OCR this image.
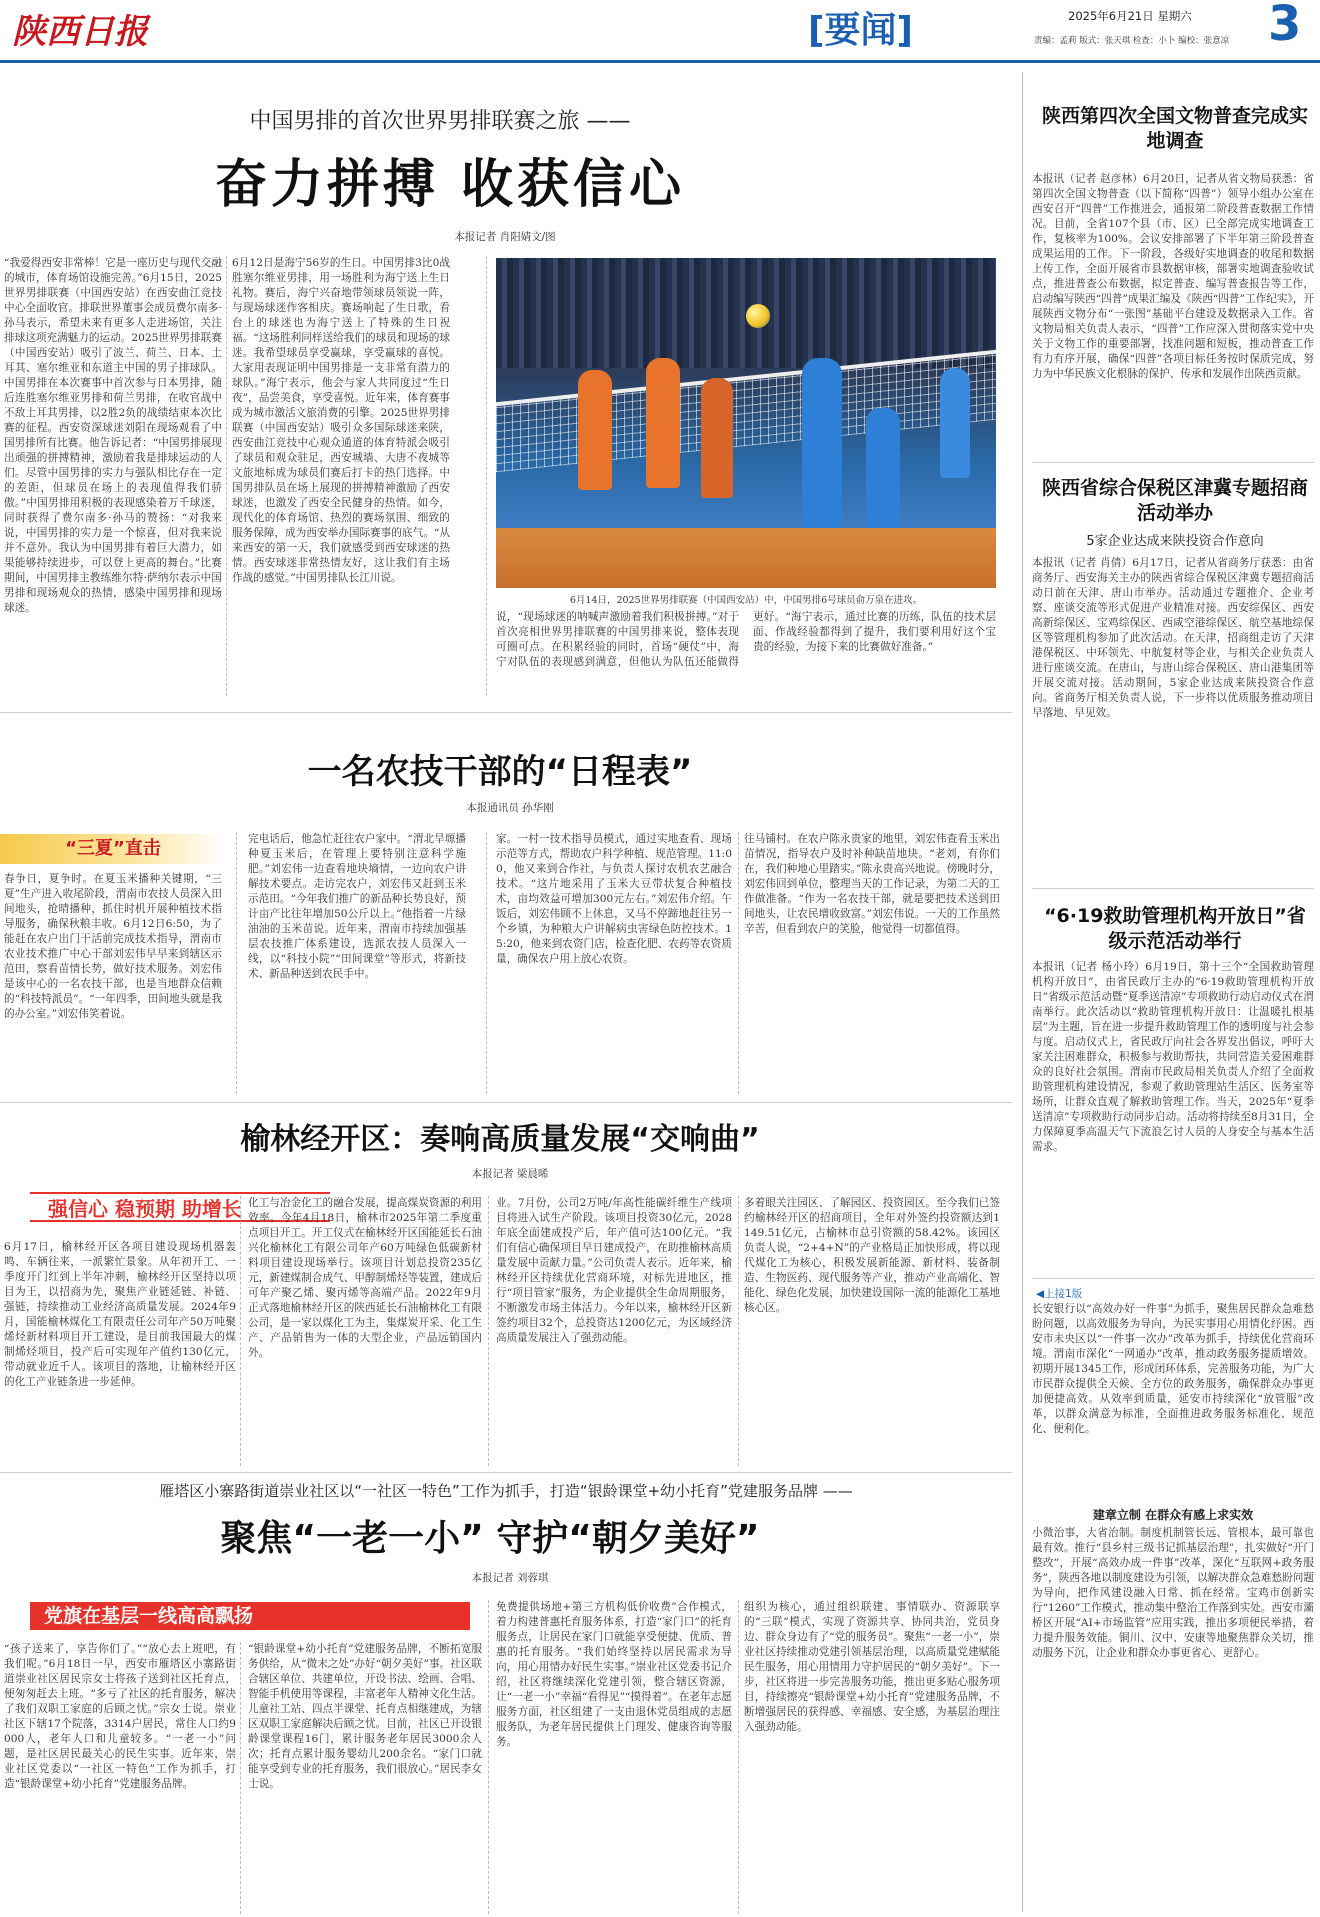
陕西日报	[要闻]	2025年6月21日 星期六
责编：孟莉 版式：张天琪 检查：小卜 编校：张意凉 3
中国男排的首次世界男排联赛之旅 ——
奋力拼搏 收获信心
本报记者 肖阳婧文/图
“我爱得西安非常棒！它是一座历史与现代交融的城市，体育场馆设施完善。”6月15日，2025世界男排联赛（中国西安站）在西安曲江竞技中心全面收官。排联世界董事会成员费尔南多·孙马表示，希望未来有更多人走进场馆，关注排球这项充满魅力的运动。2025世界男排联赛（中国西安站）吸引了波兰、荷兰、日本、土耳其、塞尔维亚和东道主中国的男子排球队。中国男排在本次赛事中首次参与日本男排，随后连胜塞尔维亚男排和荷兰男排，在收官战中不敌土耳其男排，以2胜2负的战绩结束本次比赛的征程。西安资深球迷刘阳在现场观看了中国男排所有比赛。他告诉记者：“中国男排展现出顽强的拼搏精神，激励着我是排球运动的人们。尽管中国男排的实力与强队相比存在一定的差距，但球员在场上的表现值得我们骄傲。”中国男排用积极的表现感染着万千球迷，同时获得了费尔南多·孙马的赞扬：“对我来说，中国男排的实力是一个惊喜，但对我来说并不意外。我认为中国男排有着巨大潜力，如果能够持续进步，可以登上更高的舞台。”比赛期间，中国男排主教练维尔特·萨纳尔表示中国男排和现场观众的热情，感染中国男排和现场球迷。
6月12日是海宁56岁的生日。中国男排3比0战胜塞尔维亚男排，用一场胜利为海宁送上生日礼物。赛后，海宁兴奋地带领球员领说一阵，与现场球迷作客相庆。赛场响起了生日歌，看台上的球迷也为海宁送上了特殊的生日祝福。“这场胜利同样送给我们的球员和现场的球迷。我希望球员享受赢球，享受赢球的喜悦。大家用表现证明中国男排是一支非常有潜力的球队。”海宁表示，他会与家人共同度过“生日夜”，品尝美食，享受喜悦。近年来，体育赛事成为城市激活文旅消费的引擎。2025世界男排联赛（中国西安站）吸引众多国际球迷来陕，西安曲江竞技中心观众通道的体育特派会吸引了球员和观众驻足，西安城墙、大唐不夜城等文旅地标成为球员们赛后打卡的热门选择。中国男排队员在场上展现的拼搏精神激励了西安球迷，也激发了西安全民健身的热情。如今，现代化的体育场馆、热烈的赛场氛围、细致的服务保障，成为西安举办国际赛事的底气。“从来西安的第一天，我们就感受到西安球迷的热情。西安球迷非常热情友好，这让我们有主场作战的感觉。”中国男排队长江川说。
6月14日，2025世界男排联赛（中国西安站）中，中国男排6号球员俞万泉在进攻。
说，“现场球迷的呐喊声激励着我们积极拼搏。”对于首次亮相世界男排联赛的中国男排来说，整体表现可圈可点。在积累经验的同时，首场“硬仗”中，海宁对队伍的表现感到满意，但他认为队伍还能做得更好。“海宁表示，通过比赛的历练，队伍的技术层面、作战经验都得到了提升，我们要利用好这个宝贵的经验，为接下来的比赛做好准备。”
陕西第四次全国文物普查完成实地调查
本报讯（记者 赵彦林）6月20日，记者从省文物局获悉：省第四次全国文物普查（以下简称“四普”）领导小组办公室在西安召开“四普”工作推进会，通报第二阶段普查数据工作情况。目前，全省107个县（市、区）已全部完成实地调查工作，复核率为100%。会议安排部署了下半年第三阶段普查成果运用的工作。下一阶段，各级好实地调查的收尾和数据上传工作，全面开展省市县数据审核，部署实地调查验收试点，推进普查公布数据，拟定普查、编写普查报告等工作，启动编写陕西“四普”成果汇编及《陕西“四普”工作纪实》，开展陕西文物分布“一张图”基础平台建设及数据录入工作。省文物局相关负责人表示，“四普”工作应深入贯彻落实党中央关于文物工作的重要部署，找准问题和短板，推动普查工作有力有序开展，确保“四普”各项目标任务按时保质完成，努力为中华民族文化根脉的保护、传承和发展作出陕西贡献。
陕西省综合保税区津冀专题招商活动举办
5家企业达成来陕投资合作意向
本报讯（记者 肖倩）6月17日，记者从省商务厅获悉：由省商务厅、西安海关主办的陕西省综合保税区津冀专题招商活动日前在天津、唐山市举办。活动通过专题推介、企业考察、座谈交流等形式促进产业精准对接。西安综保区、西安高新综保区、宝鸡综保区、西咸空港综保区、航空基地综保区等管理机构参加了此次活动。在天津，招商组走访了天津港保税区、中环领先、中航复材等企业，与相关企业负责人进行座谈交流。在唐山，与唐山综合保税区、唐山港集团等开展交流对接。活动期间，5家企业达成来陕投资合作意向。省商务厅相关负责人说，下一步将以优质服务推动项目早落地、早见效。
“6·19救助管理机构开放日”省级示范活动举行
本报讯（记者 杨小玲）6月19日，第十三个“全国救助管理机构开放日”，由省民政厅主办的“6·19救助管理机构开放日”省级示范活动暨“夏季送清凉”专项救助行动启动仪式在渭南举行。此次活动以“救助管理机构开放日：让温暖扎根基层”为主题，旨在进一步提升救助管理工作的透明度与社会参与度。启动仪式上，省民政厅向社会各界发出倡议，呼吁大家关注困难群众，积极参与救助帮扶，共同营造关爱困难群众的良好社会氛围。渭南市民政局相关负责人介绍了全面救助管理机构建设情况，参观了救助管理站生活区、医务室等场所，让群众直观了解救助管理工作。当天，2025年“夏季送清凉”专项救助行动同步启动。活动将持续至8月31日，全力保障夏季高温天气下流浪乞讨人员的人身安全与基本生活需求。
◀上接1版
长安银行以“高效办好一件事”为抓手，聚焦居民群众急难愁盼问题，以高效服务为导向，为民实事用心用情化纾困。西安市未央区以“一件事一次办”改革为抓手，持续优化营商环境。渭南市深化“一网通办”改革，推动政务服务提质增效。初期开展1345工作，形成闭环体系，完善服务功能，为广大市民群众提供全天候、全方位的政务服务，确保群众办事更加便捷高效。从效率到质量，延安市持续深化“放管服”改革，以群众满意为标准，全面推进政务服务标准化、规范化、便利化。
建章立制 在群众有感上求实效
小微治事，大省治制。制度机制管长远、管根本，最可靠也最有效。推行“县乡村三级书记抓基层治理”，扎实做好“开门整改”，开展“高效办成一件事”改革，深化“互联网+政务服务”，陕西各地以制度建设为引领，以解决群众急难愁盼问题为导向，把作风建设融入日常、抓在经常。宝鸡市创新实行“1260”工作模式，推动集中整治工作落到实处。西安市灞桥区开展“AI+市场监管”应用实践，推出多项便民举措，着力提升服务效能。铜川、汉中、安康等地聚焦群众关切，推动服务下沉，让企业和群众办事更省心、更舒心。
“三夏”直击
一名农技干部的“日程表”
本报通讯员 孙华刚
春争日，夏争时。在夏玉米播种关键期，“三夏”生产进入收尾阶段，渭南市农技人员深入田间地头，抢晴播种，抓住时机开展种植技术指导服务，确保秋粮丰收。6月12日6:50，为了能赶在农户出门干活前完成技术指导，渭南市农业技术推广中心干部刘宏伟早早来到辖区示范田，察看苗情长势，做好技术服务。刘宏伟是该中心的一名农技干部，也是当地群众信赖的“科技特派员”。“一年四季，田间地头就是我的办公室。”刘宏伟笑着说。
完电话后，他急忙赶往农户家中。“渭北旱塬播种夏玉米后，在管理上要特别注意科学施肥。”刘宏伟一边查看地块墒情，一边向农户讲解技术要点。走访完农户，刘宏伟又赶到玉米示范田。“今年我们推广的新品种长势良好，预计亩产比往年增加50公斤以上。”他指着一片绿油油的玉米苗说。近年来，渭南市持续加强基层农技推广体系建设，选派农技人员深入一线，以“科技小院”“田间课堂”等形式，将新技术、新品种送到农民手中。
家。一村一技术指导员模式，通过实地查看、现场示范等方式，帮助农户科学种植、规范管理。11:00，他又来到合作社，与负责人探讨农机农艺融合技术。“这片地采用了玉米大豆带状复合种植技术，亩均效益可增加300元左右。”刘宏伟介绍。午饭后，刘宏伟顾不上休息，又马不停蹄地赶往另一个乡镇，为种粮大户讲解病虫害绿色防控技术。15:20，他来到农资门店，检查化肥、农药等农资质量，确保农户用上放心农资。
往马铺村。在农户陈永贵家的地里，刘宏伟查看玉米出苗情况，指导农户及时补种缺苗地块。“老刘，有你们在，我们种地心里踏实。”陈永贵高兴地说。傍晚时分，刘宏伟回到单位，整理当天的工作记录，为第二天的工作做准备。“作为一名农技干部，就是要把技术送到田间地头，让农民增收致富。”刘宏伟说。一天的工作虽然辛苦，但看到农户的笑脸，他觉得一切都值得。
榆林经开区：奏响高质量发展“交响曲”
本报记者 梁晨晞
强信心 稳预期 助增长
6月17日，榆林经开区各项目建设现场机器轰鸣、车辆往来，一派繁忙景象。从年初开工、一季度开门红到上半年冲刺，榆林经开区坚持以项目为王，以招商为先，聚焦产业链延链、补链、强链，持续推动工业经济高质量发展。2024年9月，国能榆林煤化工有限责任公司年产50万吨聚烯烃新材料项目开工建设，是目前我国最大的煤制烯烃项目，投产后可实现年产值约130亿元，带动就业近千人。该项目的落地，让榆林经开区的化工产业链条进一步延伸。
化工与冶金化工的融合发展，提高煤炭资源的利用效率。今年4月18日，榆林市2025年第二季度重点项目开工。开工仪式在榆林经开区国能延长石油兴化榆林化工有限公司年产60万吨绿色低碳新材料项目建设现场举行。该项目计划总投资235亿元，新建煤制合成气、甲醇制烯烃等装置，建成后可年产聚乙烯、聚丙烯等高端产品。2022年9月正式落地榆林经开区的陕西延长石油榆林化工有限公司，是一家以煤化工为主，集煤炭开采、化工生产、产品销售为一体的大型企业，产品远销国内外。
业。7月份，公司2万吨/年高性能碳纤维生产线项目将进入试生产阶段。该项目投资30亿元，2028年底全面建成投产后，年产值可达100亿元。“我们有信心确保项目早日建成投产，在助推榆林高质量发展中贡献力量。”公司负责人表示。近年来，榆林经开区持续优化营商环境，对标先进地区，推行“项目管家”服务，为企业提供全生命周期服务，不断激发市场主体活力。今年以来，榆林经开区新签约项目32个，总投资达1200亿元，为区域经济高质量发展注入了强劲动能。
多着眼关注园区、了解园区、投资园区。至今我们已签约榆林经开区的招商项目，全年对外签约投资额达到1149.51亿元，占榆林市总引资额的58.42%。该园区负责人说，“2+4+N”的产业格局正加快形成，将以现代煤化工为核心，积极发展新能源、新材料、装备制造、生物医药、现代服务等产业，推动产业高端化、智能化、绿色化发展，加快建设国际一流的能源化工基地核心区。
雁塔区小寨路街道崇业社区以“一社区一特色”工作为抓手，打造“银龄课堂+幼小托育”党建服务品牌 ——
聚焦“一老一小” 守护“朝夕美好”
本报记者 刘蓉琪
党旗在基层一线高高飘扬
“孩子送来了，享告你们了。”“放心去上班吧，有我们呢。”6月18日一早，西安市雁塔区小寨路街道崇业社区居民宗女士将孩子送到社区托育点，便匆匆赶去上班。“多亏了社区的托育服务，解决了我们双职工家庭的后顾之忧。”宗女士说。崇业社区下辖17个院落，3314户居民，常住人口约9000人，老年人口和儿童较多。“一老一小”问题，是社区居民最关心的民生实事。近年来，崇业社区党委以“一社区一特色”工作为抓手，打造“银龄课堂+幼小托育”党建服务品牌。
“银龄课堂+幼小托育”党建服务品牌，不断拓宽服务供给，从“微末之处”办好“朝夕美好”事。社区联合辖区单位、共建单位，开设书法、绘画、合唱、智能手机使用等课程，丰富老年人精神文化生活。儿童社工站、四点半课堂、托育点相继建成，为辖区双职工家庭解决后顾之忧。目前，社区已开设银龄课堂课程16门，累计服务老年居民3000余人次；托育点累计服务婴幼儿200余名。“家门口就能享受到专业的托育服务，我们很放心。”居民李女士说。
免费提供场地+第三方机构低价收费”合作模式，着力构建普惠托育服务体系，打造“家门口”的托育服务点，让居民在家门口就能享受便捷、优质、普惠的托育服务。“我们始终坚持以居民需求为导向，用心用情办好民生实事。”崇业社区党委书记介绍，社区将继续深化党建引领，整合辖区资源，让“一老一小”幸福“看得见”“摸得着”。在老年志愿服务方面，社区组建了一支由退休党员组成的志愿服务队，为老年居民提供上门理发、健康咨询等服务。
组织为核心，通过组织联建、事情联办、资源联享的“三联”模式，实现了资源共享、协同共治，党员身边、群众身边有了“党的服务员”。聚焦“一老一小”，崇业社区持续推动党建引领基层治理，以高质量党建赋能民生服务，用心用情用力守护居民的“朝夕美好”。下一步，社区将进一步完善服务功能，推出更多贴心服务项目，持续擦亮“银龄课堂+幼小托育”党建服务品牌，不断增强居民的获得感、幸福感、安全感，为基层治理注入强劲动能。
